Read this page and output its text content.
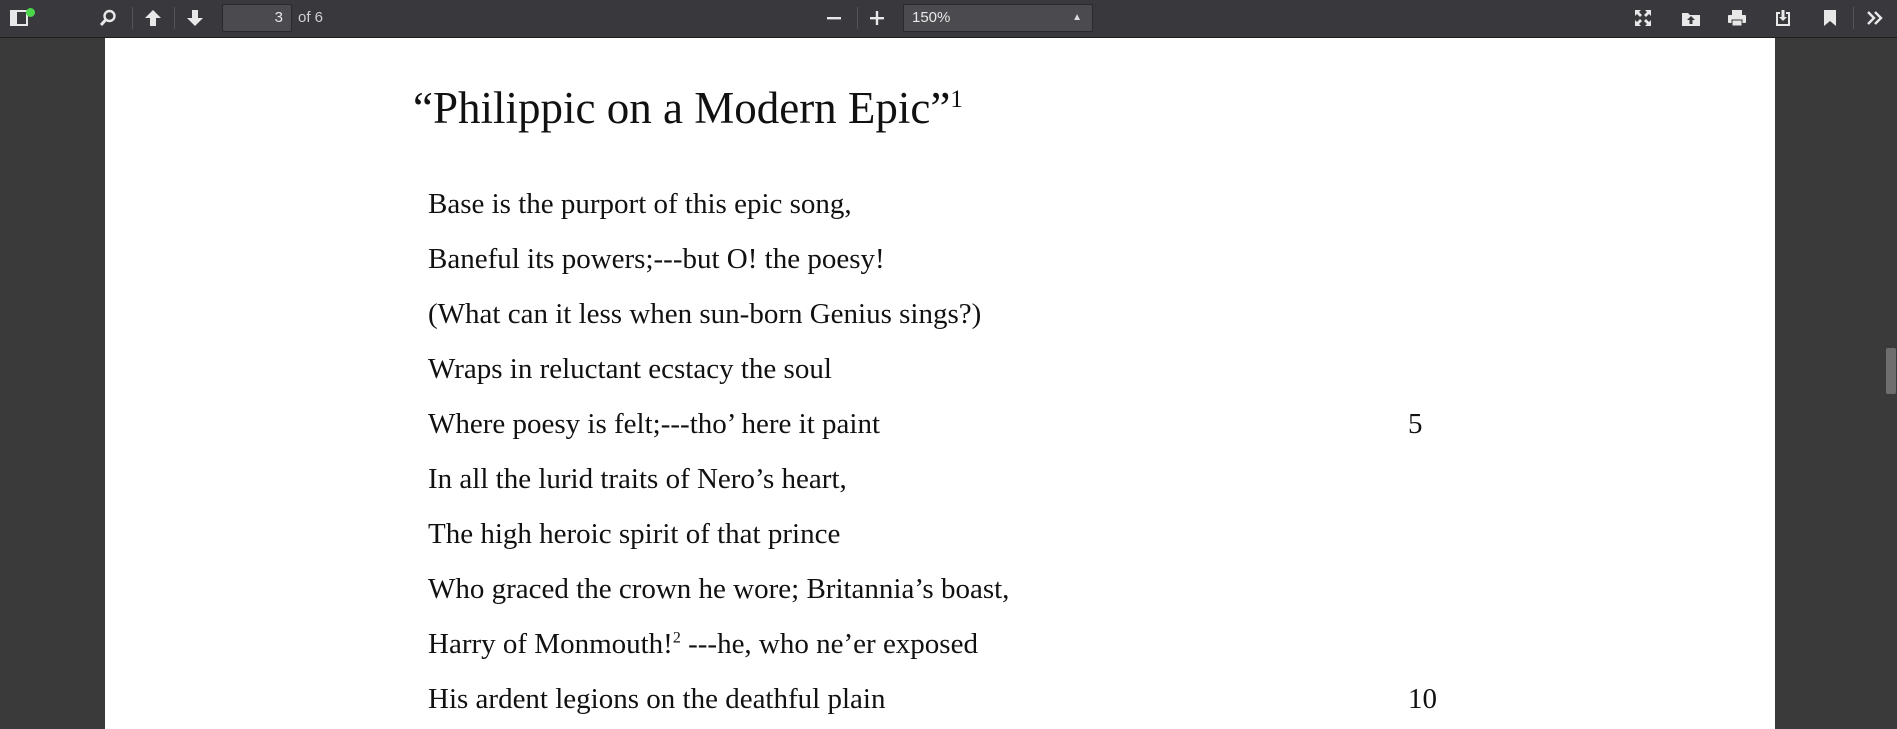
3	of 6	150%	▲

“Philippic on a Modern Epic”$^1$
Base is the purport of this epic song,
Baneful its powers;---but O! the poesy!
(What can it less when sun-born Genius sings?)
Wraps in reluctant ecstacy the soul
Where poesy is felt;---tho’ here it paint	5
In all the lurid traits of Nero’s heart,
The high heroic spirit of that prince
Who graced the crown he wore; Britannia’s boast,
Harry of Monmouth!$^2$ ---he, who ne’er exposed
His ardent legions on the deathful plain	10
